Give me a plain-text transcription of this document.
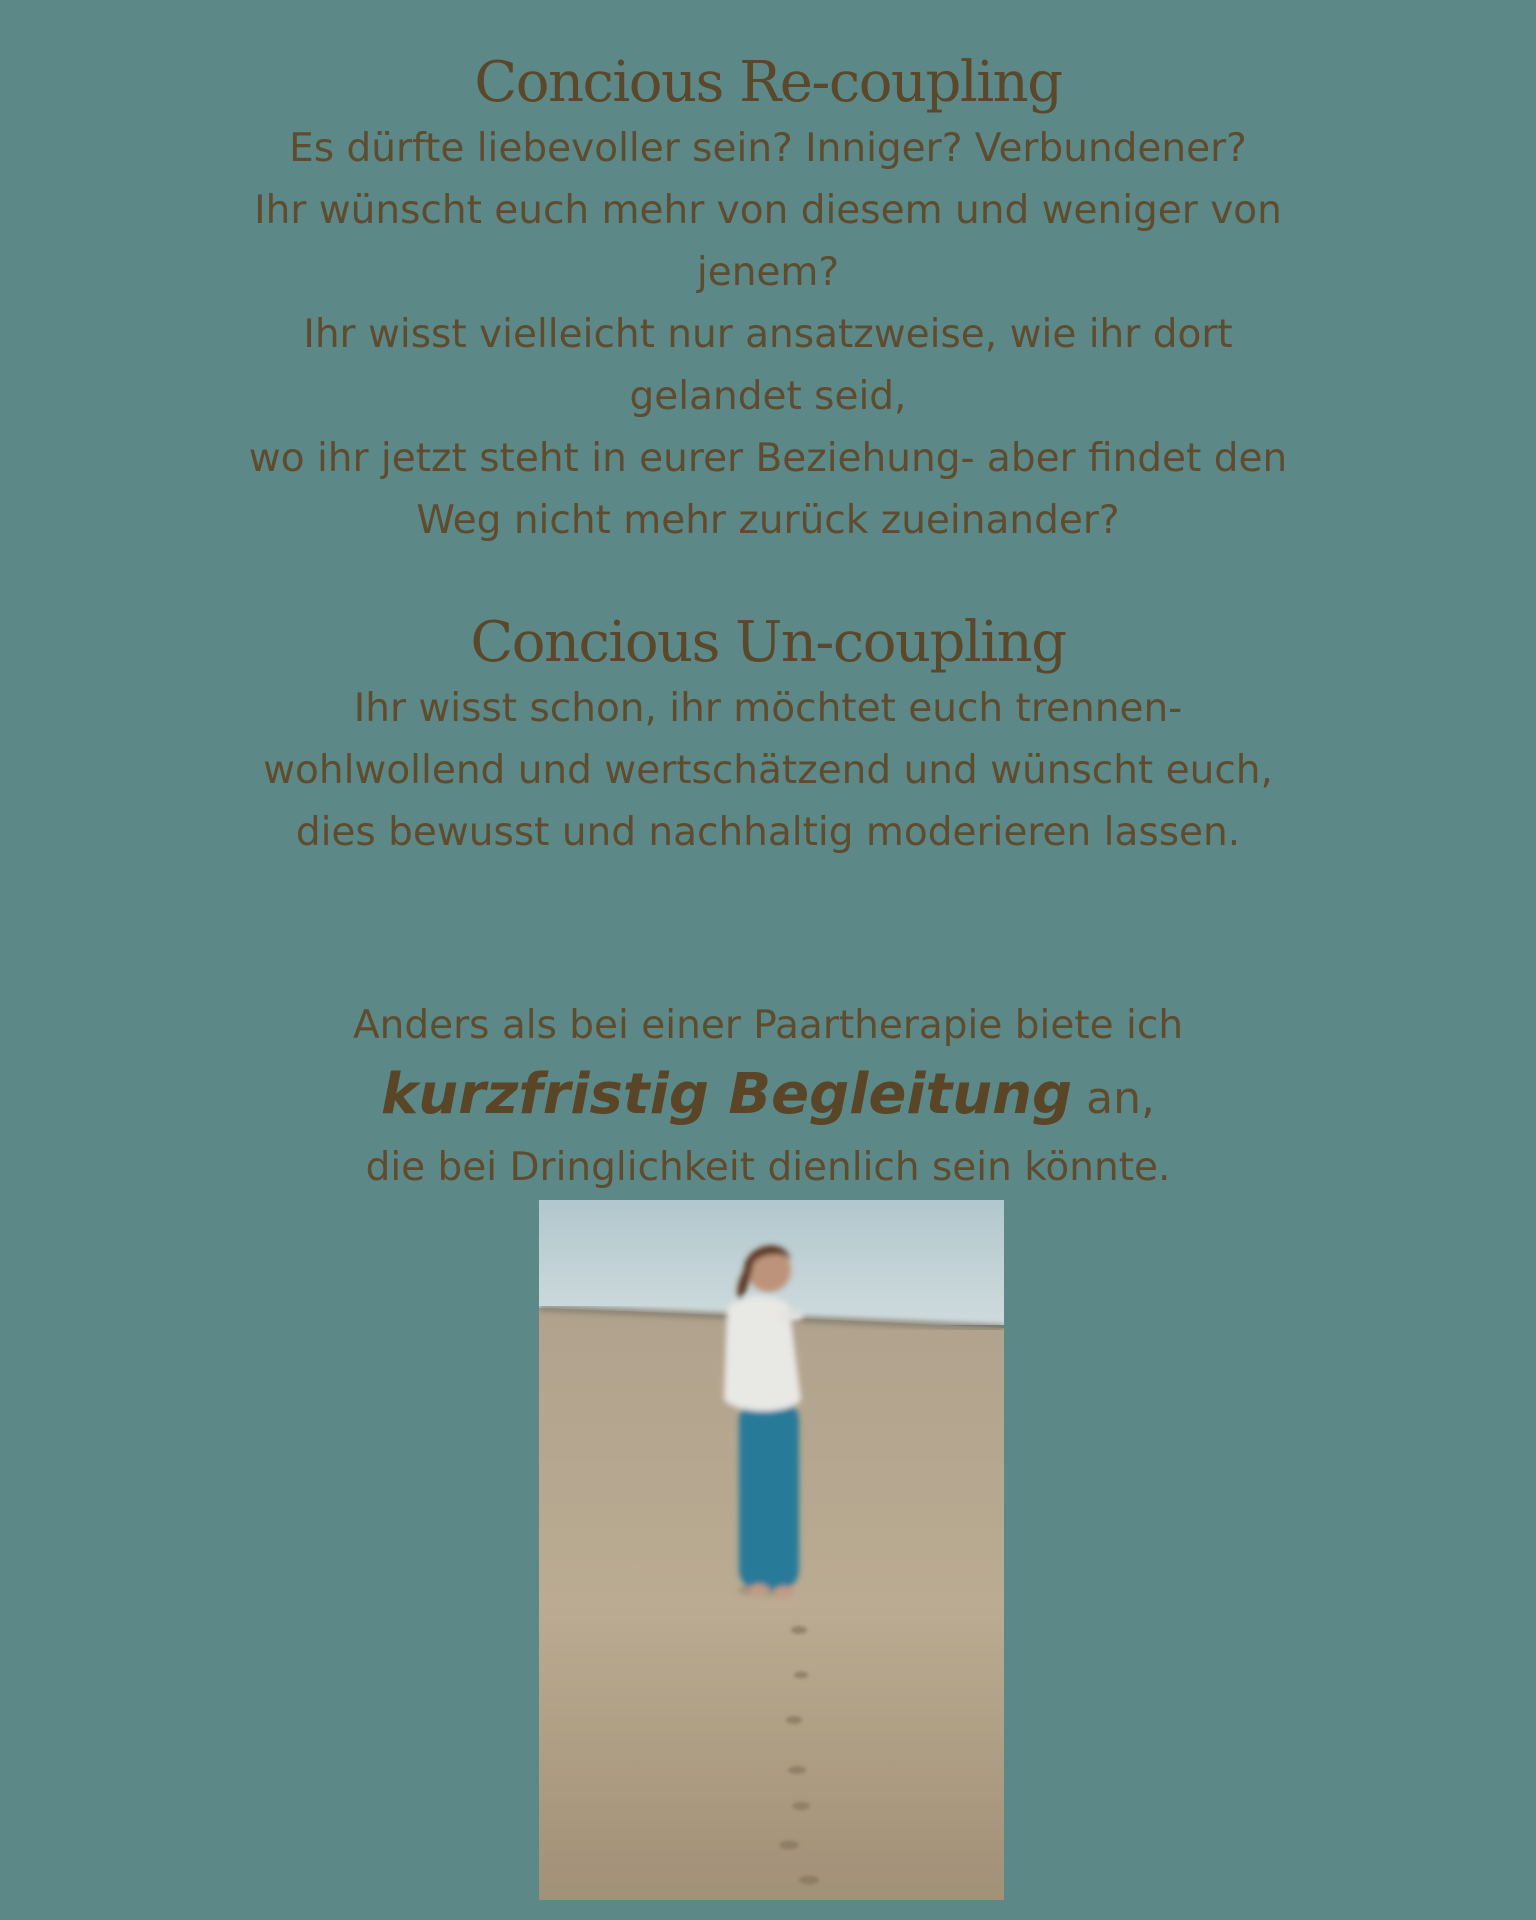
Concious Re-coupling

Es dürfte liebevoller sein? Inniger? Verbundener?
Ihr wünscht euch mehr von diesem und weniger von
jenem?
Ihr wisst vielleicht nur ansatzweise, wie ihr dort
gelandet seid,
wo ihr jetzt steht in eurer Beziehung- aber findet den
Weg nicht mehr zurück zueinander?

Concious Un-coupling

Ihr wisst schon, ihr möchtet euch trennen-
wohlwollend und wertschätzend und wünscht euch,
dies bewusst und nachhaltig moderieren lassen.

Anders als bei einer Paartherapie biete ich

kurzfristig Begleitung an,

die bei Dringlichkeit dienlich sein könnte.
